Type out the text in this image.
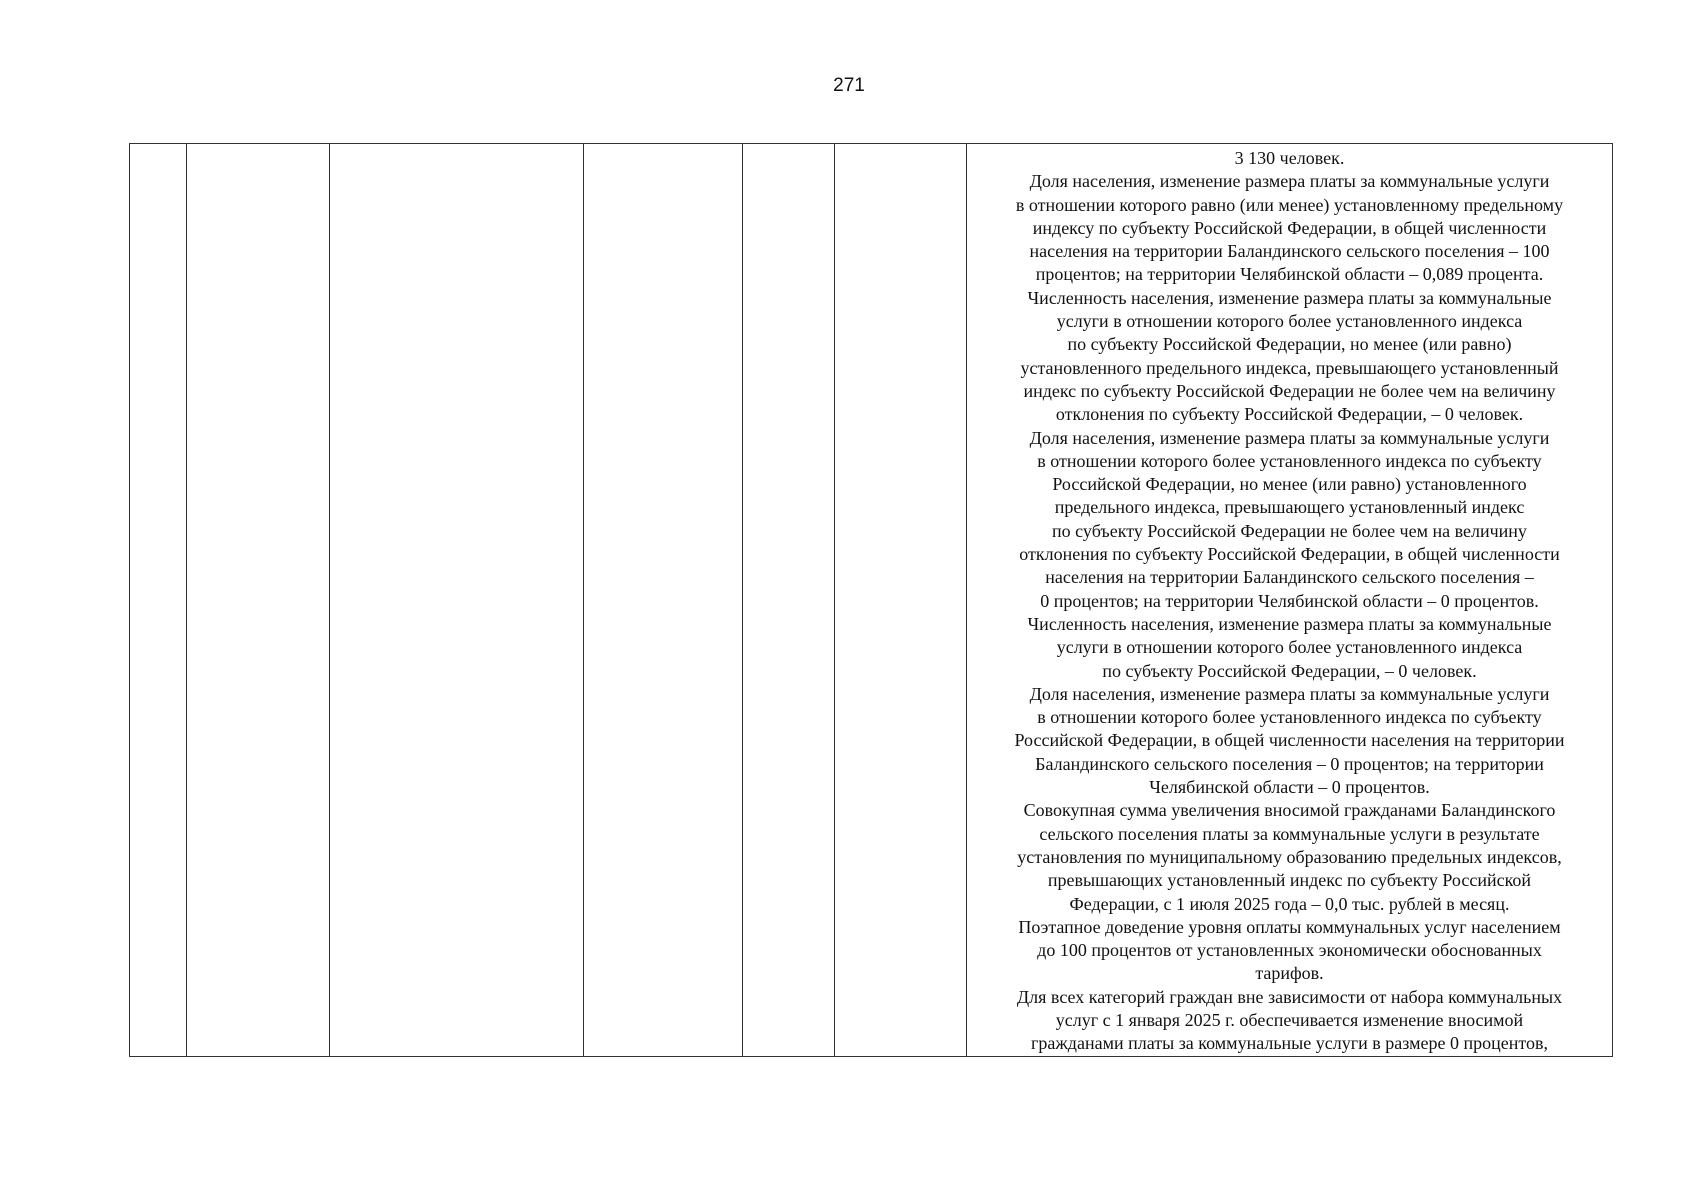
271

3 130 человек.
Доля населения, изменение размера платы за коммунальные услуги
в отношении которого равно (или менее) установленному предельному
индексу по субъекту Российской Федерации, в общей численности
населения на территории Баландинского сельского поселения – 100
процентов; на территории Челябинской области – 0,089 процента.
Численность населения, изменение размера платы за коммунальные
услуги в отношении которого более установленного индекса
по субъекту Российской Федерации, но менее (или равно)
установленного предельного индекса, превышающего установленный
индекс по субъекту Российской Федерации не более чем на величину
отклонения по субъекту Российской Федерации, – 0 человек.
Доля населения, изменение размера платы за коммунальные услуги
в отношении которого более установленного индекса по субъекту
Российской Федерации, но менее (или равно) установленного
предельного индекса, превышающего установленный индекс
по субъекту Российской Федерации не более чем на величину
отклонения по субъекту Российской Федерации, в общей численности
населения на территории Баландинского сельского поселения –
0 процентов; на территории Челябинской области – 0 процентов.
Численность населения, изменение размера платы за коммунальные
услуги в отношении которого более установленного индекса
по субъекту Российской Федерации, – 0 человек.
Доля населения, изменение размера платы за коммунальные услуги
в отношении которого более установленного индекса по субъекту
Российской Федерации, в общей численности населения на территории
Баландинского сельского поселения – 0 процентов; на территории
Челябинской области – 0 процентов.
Совокупная сумма увеличения вносимой гражданами Баландинского
сельского поселения платы за коммунальные услуги в результате
установления по муниципальному образованию предельных индексов,
превышающих установленный индекс по субъекту Российской
Федерации, с 1 июля 2025 года – 0,0 тыс. рублей в месяц.
Поэтапное доведение уровня оплаты коммунальных услуг населением
до 100 процентов от установленных экономически обоснованных
тарифов.
Для всех категорий граждан вне зависимости от набора коммунальных
услуг с 1 января 2025 г. обеспечивается изменение вносимой
гражданами платы за коммунальные услуги в размере 0 процентов,
